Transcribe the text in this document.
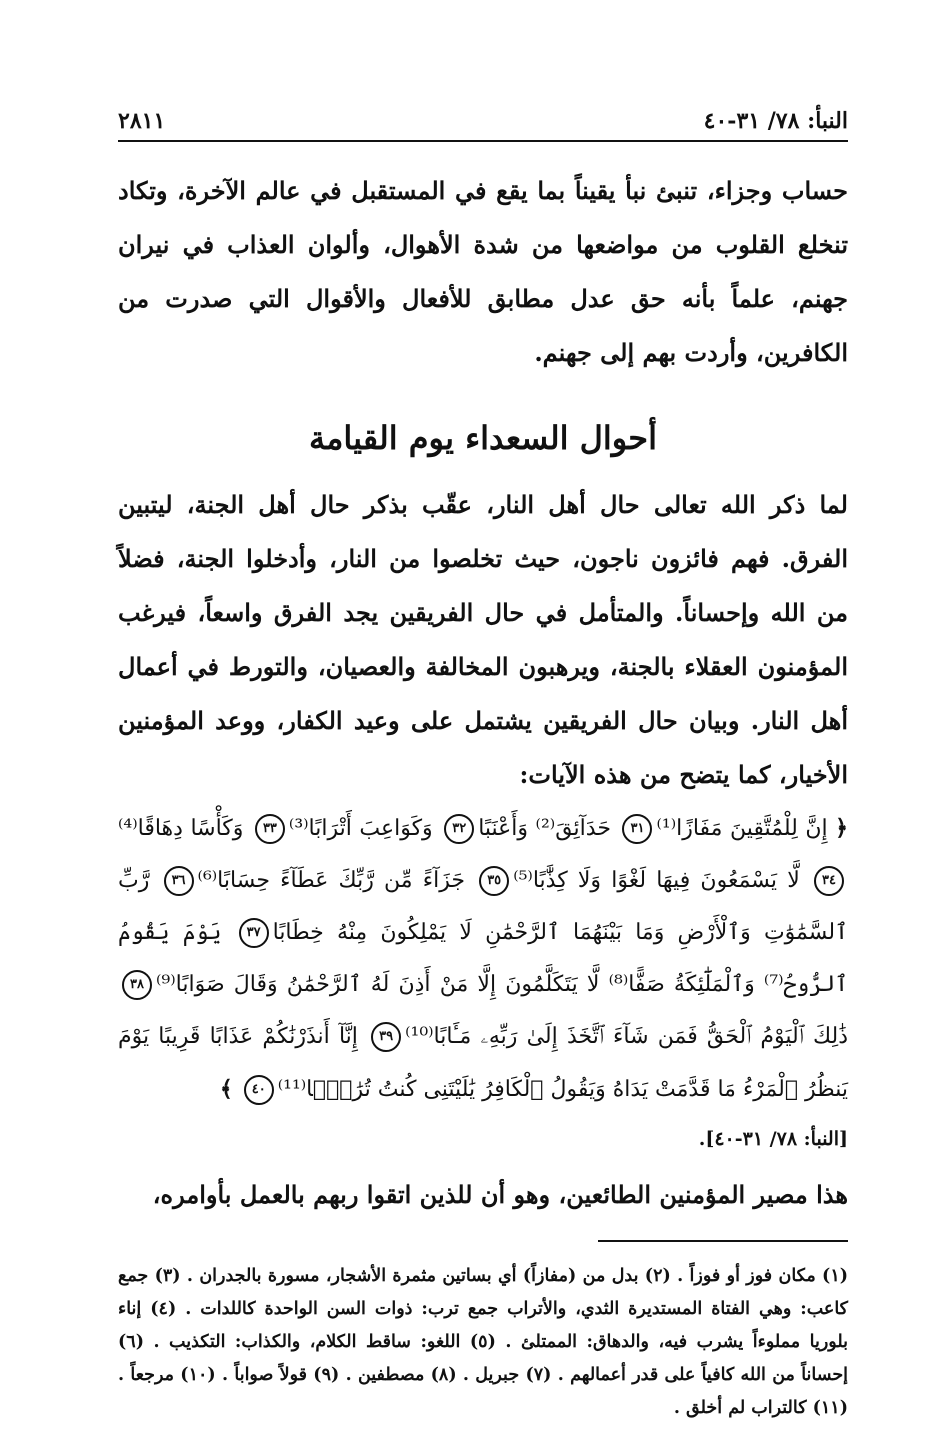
النبأ: ٧٨/ ٣١-٤٠
٢٨١١

حساب وجزاء، تنبئ نبأ يقيناً بما يقع في المستقبل في عالم الآخرة، وتكاد تنخلع القلوب من مواضعها من شدة الأهوال، وألوان العذاب في نيران جهنم، علماً بأنه حق عدل مطابق للأفعال والأقوال التي صدرت من الكافرين، وأردت بهم إلى جهنم.

أحوال السعداء يوم القيامة

لما ذكر الله تعالى حال أهل النار، عقّب بذكر حال أهل الجنة، ليتبين الفرق. فهم فائزون ناجون، حيث تخلصوا من النار، وأدخلوا الجنة، فضلاً من الله وإحساناً. والمتأمل في حال الفريقين يجد الفرق واسعاً، فيرغب المؤمنون العقلاء بالجنة، ويرهبون المخالفة والعصيان، والتورط في أعمال أهل النار. وبيان حال الفريقين يشتمل على وعيد الكفار، ووعد المؤمنين الأخيار، كما يتضح من هذه الآيات:

﴿ إِنَّ لِلْمُتَّقِينَ مَفَازًا⁽¹⁾٣١ حَدَآئِقَ⁽²⁾ وَأَعْنَبًا٣٢ وَكَوَاعِبَ أَتْرَابًا⁽³⁾٣٣ وَكَأْسًا دِهَاقًا⁽⁴⁾٣٤ لَّا يَسْمَعُونَ فِيهَا لَغْوًا وَلَا كِذَّٰبًا⁽⁵⁾٣٥ جَزَآءً مِّن رَّبِّكَ عَطَآءً حِسَابًا⁽⁶⁾٣٦ رَّبِّ ٱلسَّمَٰوَٰتِ وَٱلْأَرْضِ وَمَا بَيْنَهُمَا ٱلرَّحْمَٰنِ لَا يَمْلِكُونَ مِنْهُ خِطَابًا٣٧ يَوْمَ يَقُومُ ٱلرُّوحُ⁽⁷⁾ وَٱلْمَلَٰٓئِكَةُ صَفًّا⁽⁸⁾ لَّا يَتَكَلَّمُونَ إِلَّا مَنْ أَذِنَ لَهُ ٱلرَّحْمَٰنُ وَقَالَ صَوَابًا⁽⁹⁾٣٨ ذَٰلِكَ ٱلْيَوْمُ ٱلْحَقُّ فَمَن شَآءَ ٱتَّخَذَ إِلَىٰ رَبِّهِۦ مَـَٔابًا⁽¹⁰⁾٣٩ إِنَّآ أَنذَرْنَٰكُمْ عَذَابًا قَرِيبًا يَوْمَ يَنظُرُ ٱلْمَرْءُ مَا قَدَّمَتْ يَدَاهُ وَيَقُولُ ٱلْكَافِرُ يَٰلَيْتَنِى كُنتُ تُرَٰبًۢا⁽¹¹⁾٤٠ ﴾

[النبأ: ٧٨/ ٣١-٤٠].

هذا مصير المؤمنين الطائعين، وهو أن للذين اتقوا ربهم بالعمل بأوامره،

(١) مكان فوز أو فوزاً . (٢) بدل من (مفازاً) أي بساتين مثمرة الأشجار، مسورة بالجدران . (٣) جمع كاعب: وهي الفتاة المستديرة الثدي، والأتراب جمع ترب: ذوات السن الواحدة كاللدات . (٤) إناء بلوريا مملوءاً يشرب فيه، والدهاق: الممتلئ . (٥) اللغو: ساقط الكلام، والكذاب: التكذيب . (٦) إحساناً من الله كافياً على قدر أعمالهم . (٧) جبريل . (٨) مصطفين . (٩) قولاً صواباً . (١٠) مرجعاً . (١١) كالتراب لم أخلق .
